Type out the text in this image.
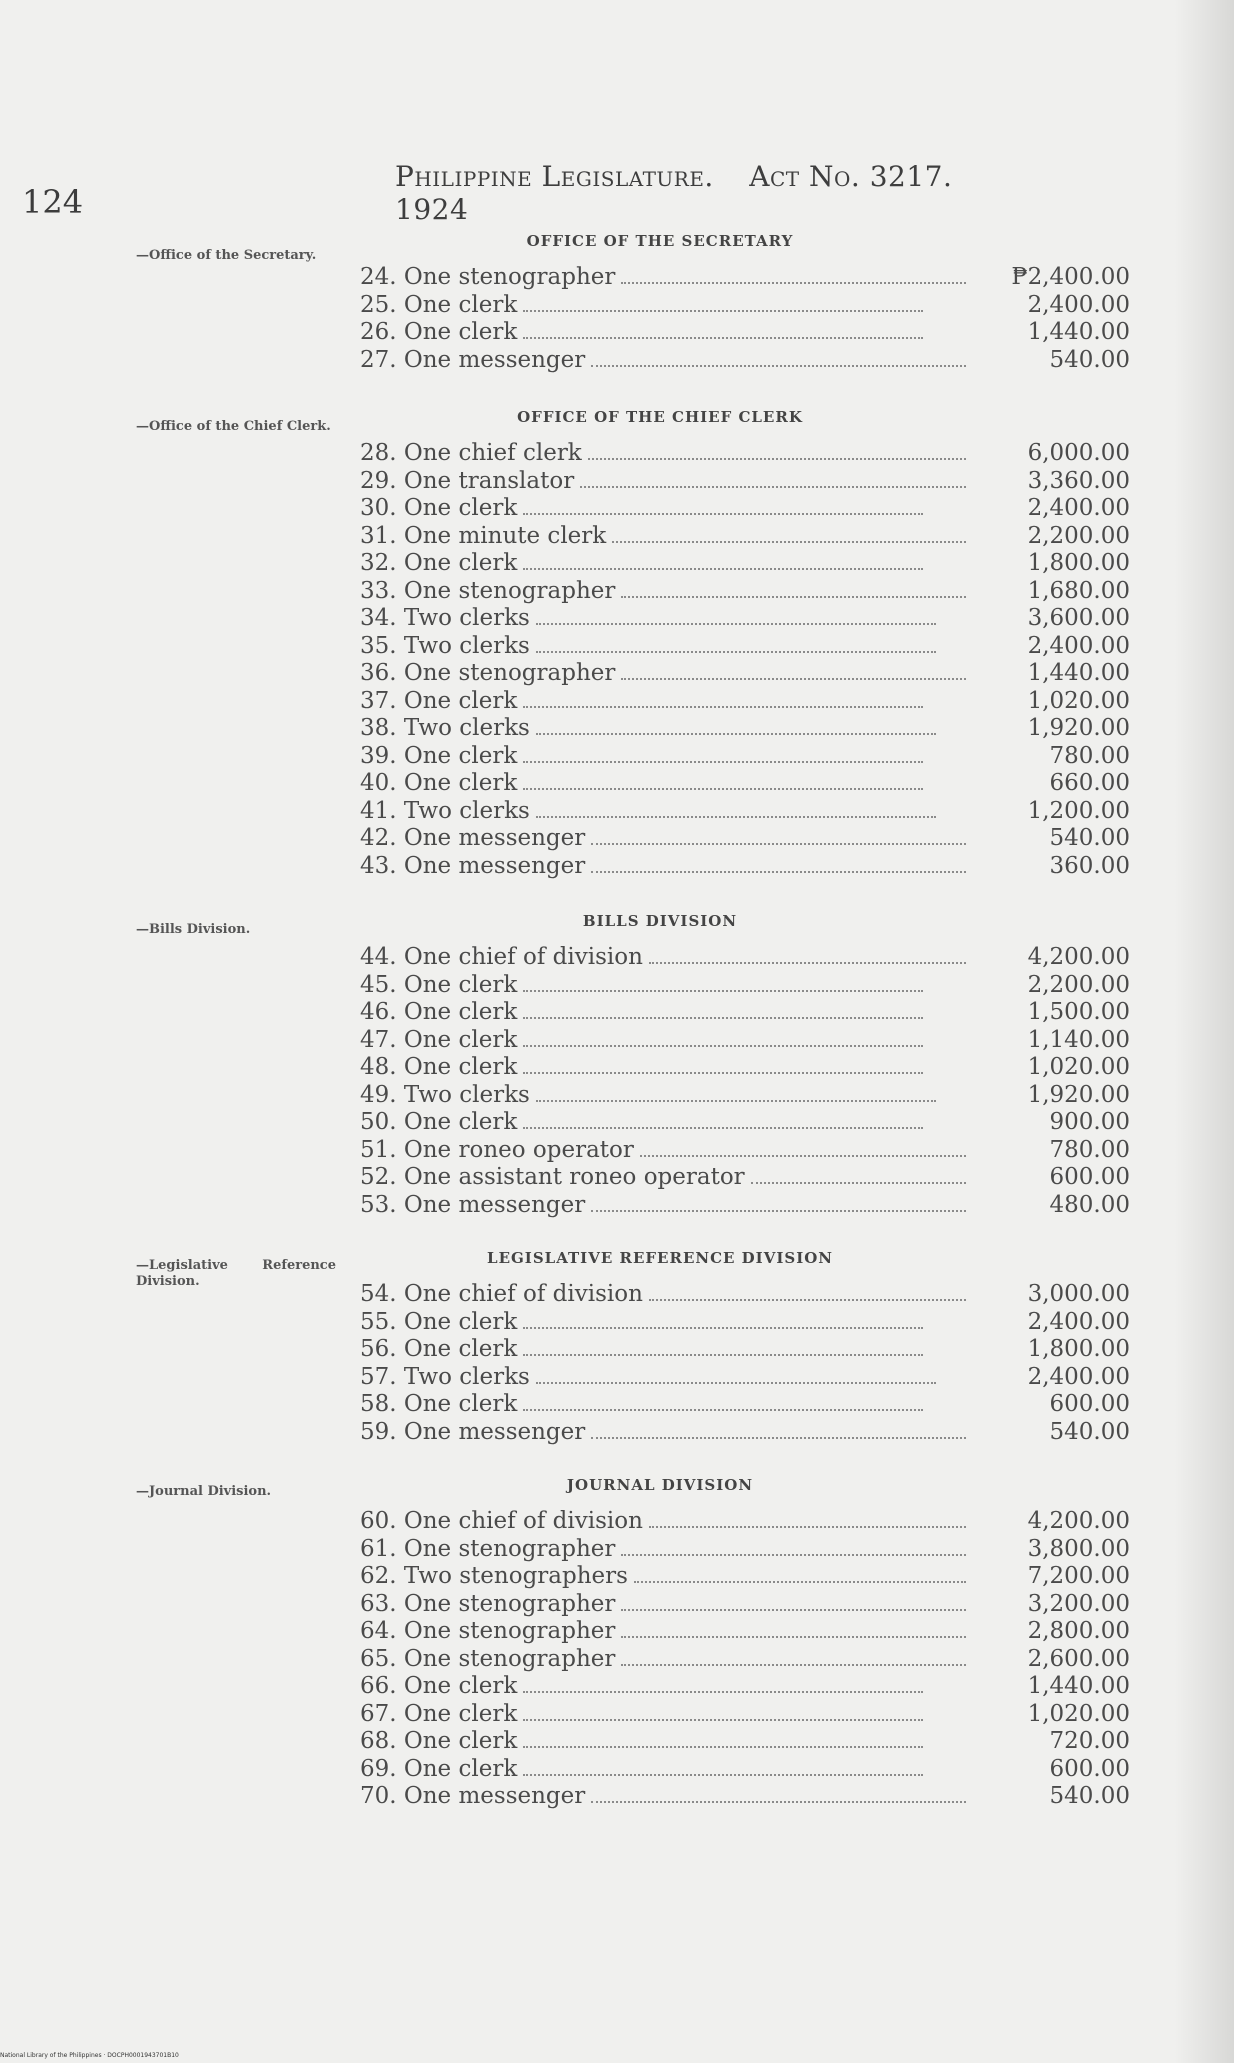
124
Philippine Legislature. Act No. 3217. 1924
—Office of the Secretary.
—Office of the Chief Clerk.
—Bills Division.
—Legislative Reference Division.
—Journal Division.
OFFICE OF THE SECRETARY
24. One stenographer	₱2,400.00
25. One clerk	2,400.00
26. One clerk	1,440.00
27. One messenger	540.00
OFFICE OF THE CHIEF CLERK
28. One chief clerk	6,000.00
29. One translator	3,360.00
30. One clerk	2,400.00
31. One minute clerk	2,200.00
32. One clerk	1,800.00
33. One stenographer	1,680.00
34. Two clerks	3,600.00
35. Two clerks	2,400.00
36. One stenographer	1,440.00
37. One clerk	1,020.00
38. Two clerks	1,920.00
39. One clerk	780.00
40. One clerk	660.00
41. Two clerks	1,200.00
42. One messenger	540.00
43. One messenger	360.00
BILLS DIVISION
44. One chief of division	4,200.00
45. One clerk	2,200.00
46. One clerk	1,500.00
47. One clerk	1,140.00
48. One clerk	1,020.00
49. Two clerks	1,920.00
50. One clerk	900.00
51. One roneo operator	780.00
52. One assistant roneo operator	600.00
53. One messenger	480.00
LEGISLATIVE REFERENCE DIVISION
54. One chief of division	3,000.00
55. One clerk	2,400.00
56. One clerk	1,800.00
57. Two clerks	2,400.00
58. One clerk	600.00
59. One messenger	540.00
JOURNAL DIVISION
60. One chief of division	4,200.00
61. One stenographer	3,800.00
62. Two stenographers	7,200.00
63. One stenographer	3,200.00
64. One stenographer	2,800.00
65. One stenographer	2,600.00
66. One clerk	1,440.00
67. One clerk	1,020.00
68. One clerk	720.00
69. One clerk	600.00
70. One messenger	540.00
National Library of the Philippines · DOCPH0001943701B10
